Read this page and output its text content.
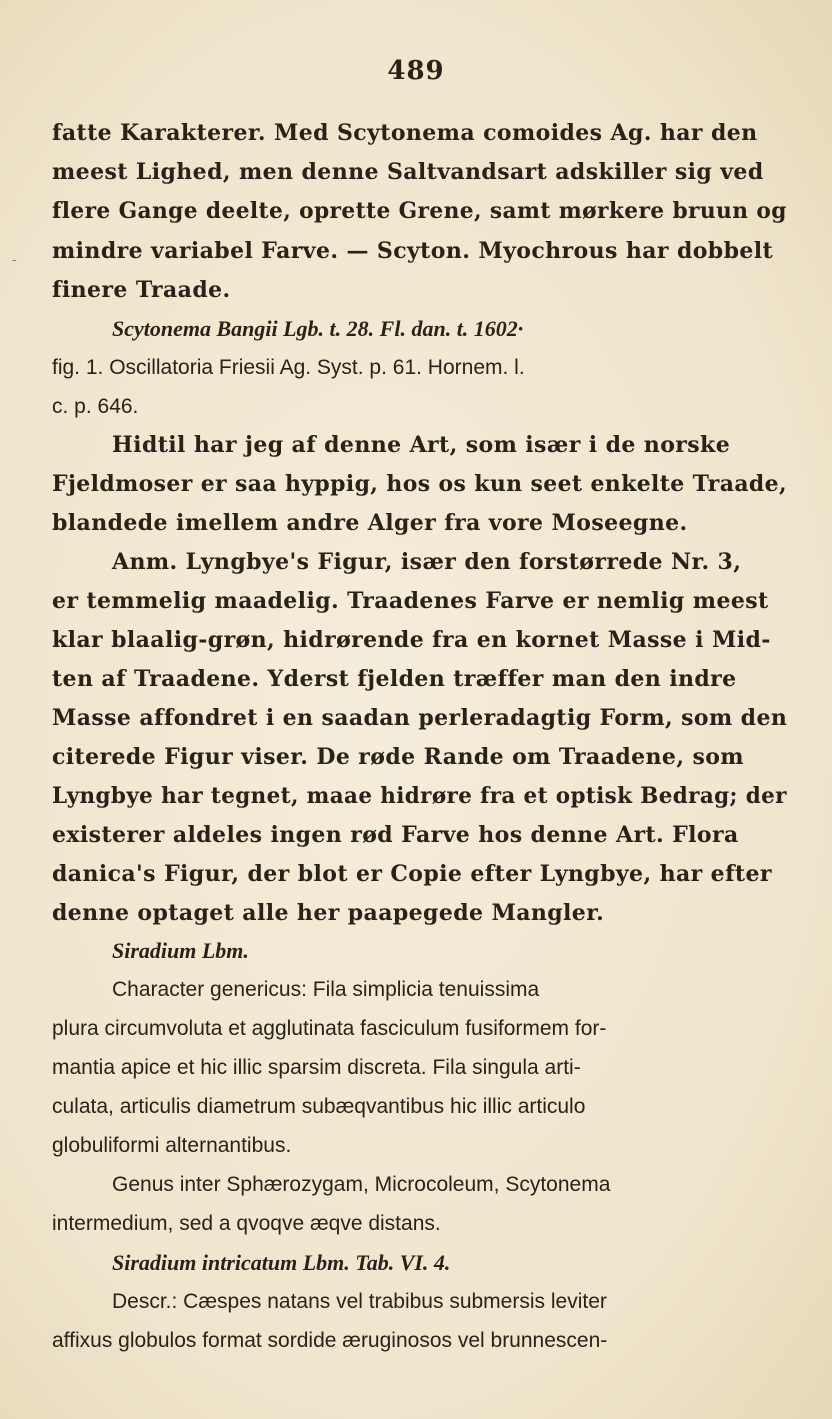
489
-
fatte Karakterer. Med Scytonema comoides Ag. har den
meest Lighed, men denne Saltvandsart adskiller sig ved
flere Gange deelte, oprette Grene, samt mørkere bruun og
mindre variabel Farve. — Scyton. Myochrous har dobbelt
finere Traade.
Scytonema Bangii Lgb. t. 28. Fl. dan. t. 1602·
fig. 1. Oscillatoria Friesii Ag. Syst. p. 61. Hornem. l.
c. p. 646.
Hidtil har jeg af denne Art, som især i de norske
Fjeldmoser er saa hyppig, hos os kun seet enkelte Traade,
blandede imellem andre Alger fra vore Moseegne.
Anm. Lyngbye's Figur, især den forstørrede Nr. 3,
er temmelig maadelig. Traadenes Farve er nemlig meest
klar blaalig-grøn, hidrørende fra en kornet Masse i Mid-
ten af Traadene. Yderst fjelden træffer man den indre
Masse affondret i en saadan perleradagtig Form, som den
citerede Figur viser. De røde Rande om Traadene, som
Lyngbye har tegnet, maae hidrøre fra et optisk Bedrag; der
existerer aldeles ingen rød Farve hos denne Art. Flora
danica's Figur, der blot er Copie efter Lyngbye, har efter
denne optaget alle her paapegede Mangler.
Siradium Lbm.
Character genericus: Fila simplicia tenuissima
plura circumvoluta et agglutinata fasciculum fusiformem for-
mantia apice et hic illic sparsim discreta. Fila singula arti-
culata, articulis diametrum subæqvantibus hic illic articulo
globuliformi alternantibus.
Genus inter Sphærozygam, Microcoleum, Scytonema
intermedium, sed a qvoqve æqve distans.
Siradium intricatum Lbm. Tab. VI. 4.
Descr.: Cæspes natans vel trabibus submersis leviter
affixus globulos format sordide æruginosos vel brunnescen-
